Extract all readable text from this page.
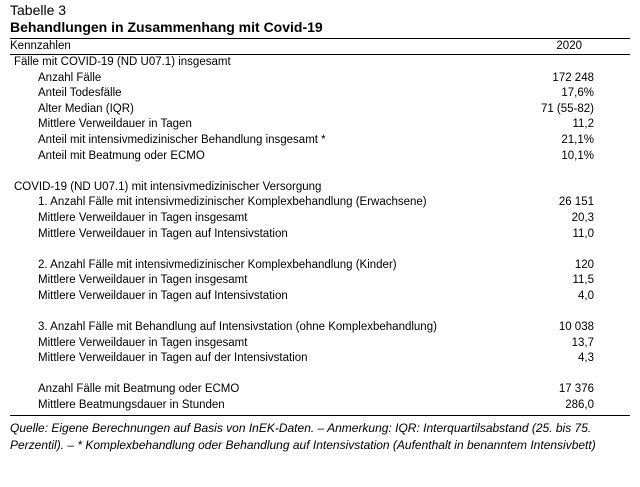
Tabelle 3
Behandlungen in Zusammenhang mit Covid-19
Kennzahlen	2020
Fälle mit COVID-19 (ND U07.1) insgesamt
Anzahl Fälle	172 248
Anteil Todesfälle	17,6%
Alter Median (IQR)	71 (55-82)
Mittlere Verweildauer in Tagen	11,2
Anteil mit intensivmedizinischer Behandlung insgesamt *	21,1%
Anteil mit Beatmung oder ECMO	10,1%
COVID-19 (ND U07.1) mit intensivmedizinischer Versorgung
1. Anzahl Fälle mit intensivmedizinischer Komplexbehandlung (Erwachsene)	26 151
Mittlere Verweildauer in Tagen insgesamt	20,3
Mittlere Verweildauer in Tagen auf Intensivstation	11,0
2. Anzahl Fälle mit intensivmedizinischer Komplexbehandlung (Kinder)	120
Mittlere Verweildauer in Tagen insgesamt	11,5
Mittlere Verweildauer in Tagen auf Intensivstation	4,0
3. Anzahl Fälle mit Behandlung auf Intensivstation (ohne Komplexbehandlung)	10 038
Mittlere Verweildauer in Tagen insgesamt	13,7
Mittlere Verweildauer in Tagen auf der Intensivstation	4,3
Anzahl Fälle mit Beatmung oder ECMO	17 376
Mittlere Beatmungsdauer in Stunden	286,0
Quelle: Eigene Berechnungen auf Basis von InEK-Daten. – Anmerkung: IQR: Interquartilsabstand (25. bis 75. Perzentil). – * Komplexbehandlung oder Behandlung auf Intensivstation (Aufenthalt in benanntem Intensivbett)
